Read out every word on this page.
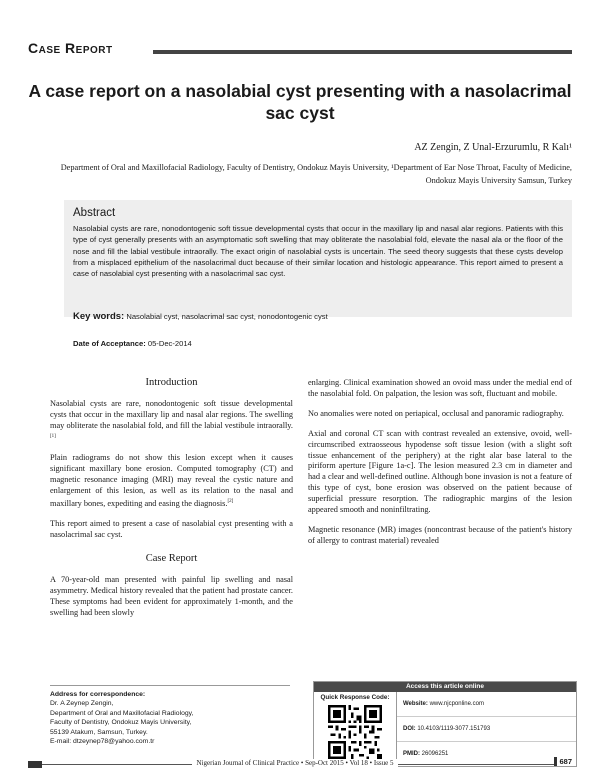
Case Report
A case report on a nasolabial cyst presenting with a nasolacrimal sac cyst
AZ Zengin, Z Unal-Erzurumlu, R Kalı¹
Department of Oral and Maxillofacial Radiology, Faculty of Dentistry, Ondokuz Mayis University, ¹Department of Ear Nose Throat, Faculty of Medicine, Ondokuz Mayis University Samsun, Turkey
Abstract
Nasolabial cysts are rare, nonodontogenic soft tissue developmental cysts that occur in the maxillary lip and nasal alar regions. Patients with this type of cyst generally presents with an asymptomatic soft swelling that may obliterate the nasolabial fold, elevate the nasal ala or the floor of the nose and fill the labial vestibule intraorally. The exact origin of nasolabial cysts is uncertain. The seed theory suggests that these cysts develop from a misplaced epithelium of the nasolacrimal duct because of their similar location and histologic appearance. This report aimed to present a case of nasolabial cyst presenting with a nasolacrimal sac cyst.
Key words: Nasolabial cyst, nasolacrimal sac cyst, nonodontogenic cyst
Date of Acceptance: 05-Dec-2014
Introduction

Nasolabial cysts are rare, nonodontogenic soft tissue developmental cysts that occur in the maxillary lip and nasal alar regions. The swelling may obliterate the nasolabial fold, and fill the labial vestibule intraorally.[1]

Plain radiograms do not show this lesion except when it causes significant maxillary bone erosion. Computed tomography (CT) and magnetic resonance imaging (MRI) may reveal the cystic nature and enlargement of this lesion, as well as its relation to the nasal and maxillary bones, expediting and easing the diagnosis.[2]

This report aimed to present a case of nasolabial cyst presenting with a nasolacrimal sac cyst.

Case Report

A 70-year-old man presented with painful lip swelling and nasal asymmetry. Medical history revealed that the patient had prostate cancer. These symptoms had been evident for approximately 1-month, and the swelling had been slowly

enlarging. Clinical examination showed an ovoid mass under the medial end of the nasolabial fold. On palpation, the lesion was soft, fluctuant and mobile.

No anomalies were noted on periapical, occlusal and panoramic radiography.

Axial and coronal CT scan with contrast revealed an extensive, ovoid, well-circumscribed extraosseous hypodense soft tissue lesion (with a slight soft tissue enhancement of the periphery) at the right alar base lateral to the piriform aperture [Figure 1a-c]. The lesion measured 2.3 cm in diameter and had a clear and well-defined outline. Although bone invasion is not a feature of this type of cyst, bone erosion was observed on the patient because of superficial pressure resorption. The radiographic margins of the lesion appeared smooth and noninfiltrating.

Magnetic resonance (MR) images (noncontrast because of the patient's history of allergy to contrast material) revealed

Address for correspondence:
Dr. A Zeynep Zengin,
Department of Oral and Maxillofacial Radiology,
Faculty of Dentistry, Ondokuz Mayis University,
55139 Atakum, Samsun, Turkey.
E-mail: dtzeynep78@yahoo.com.tr
Access this article online
Quick Response Code:
Website: www.njcponline.com
DOI: 10.4103/1119-3077.151793
PMID: 26096251
Nigerian Journal of Clinical Practice • Sep-Oct 2015 • Vol 18 • Issue 5	687
